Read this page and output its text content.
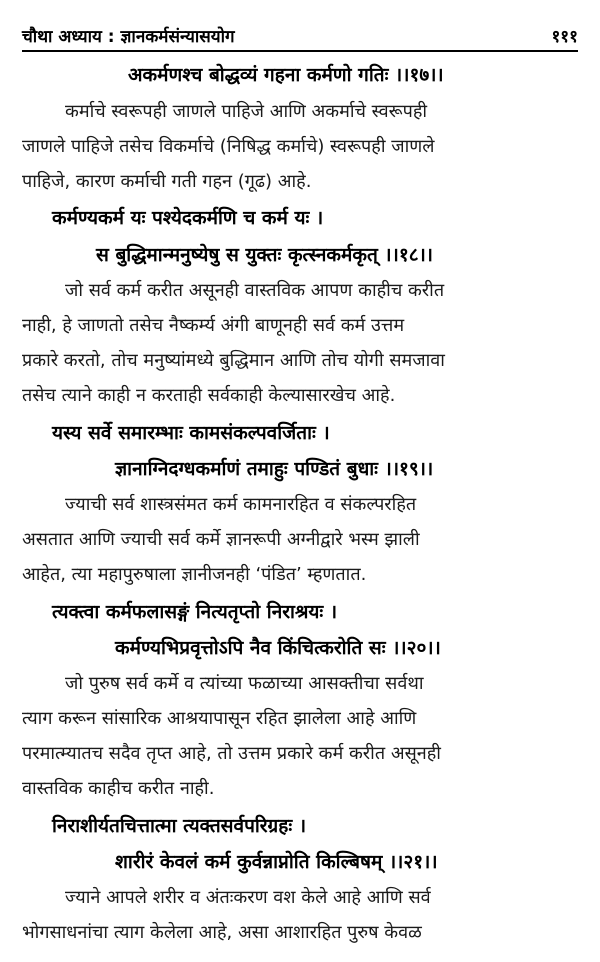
चौथा अध्याय : ज्ञानकर्मसंन्यासयोग	१११
अकर्मणश्च बोद्धव्यं गहना कर्मणो गतिः ।।१७।।
कर्माचे स्वरूपही जाणले पाहिजे आणि अकर्माचे स्वरूपही
जाणले पाहिजे तसेच विकर्माचे (निषिद्ध कर्माचे) स्वरूपही जाणले
पाहिजे, कारण कर्माची गती गहन (गूढ) आहे.
कर्मण्यकर्म यः पश्येदकर्मणि च कर्म यः ।
स बुद्धिमान्मनुष्येषु स युक्तः कृत्स्नकर्मकृत् ।।१८।।
जो सर्व कर्म करीत असूनही वास्तविक आपण काहीच करीत
नाही, हे जाणतो तसेच नैष्कर्म्य अंगी बाणूनही सर्व कर्म उत्तम
प्रकारे करतो, तोच मनुष्यांमध्ये बुद्धिमान आणि तोच योगी समजावा
तसेच त्याने काही न करताही सर्वकाही केल्यासारखेच आहे.
यस्य सर्वे समारम्भाः कामसंकल्पवर्जिताः ।
ज्ञानाग्निदग्धकर्माणं तमाहुः पण्डितं बुधाः ।।१९।।
ज्याची सर्व शास्त्रसंमत कर्म कामनारहित व संकल्परहित
असतात आणि ज्याची सर्व कर्मे ज्ञानरूपी अग्नीद्वारे भस्म झाली
आहेत, त्या महापुरुषाला ज्ञानीजनही ‘पंडित’ म्हणतात.
त्यक्त्वा कर्मफलासङ्गं नित्यतृप्तो निराश्रयः ।
कर्मण्यभिप्रवृत्तोऽपि नैव किंचित्करोति सः ।।२०।।
जो पुरुष सर्व कर्मे व त्यांच्या फळाच्या आसक्तीचा सर्वथा
त्याग करून सांसारिक आश्रयापासून रहित झालेला आहे आणि
परमात्म्यातच सदैव तृप्त आहे, तो उत्तम प्रकारे कर्म करीत असूनही
वास्तविक काहीच करीत नाही.
निराशीर्यतचित्तात्मा त्यक्तसर्वपरिग्रहः ।
शारीरं केवलं कर्म कुर्वन्नाप्नोति किल्बिषम् ।।२१।।
ज्याने आपले शरीर व अंतःकरण वश केले आहे आणि सर्व
भोगसाधनांचा त्याग केलेला आहे, असा आशारहित पुरुष केवळ
